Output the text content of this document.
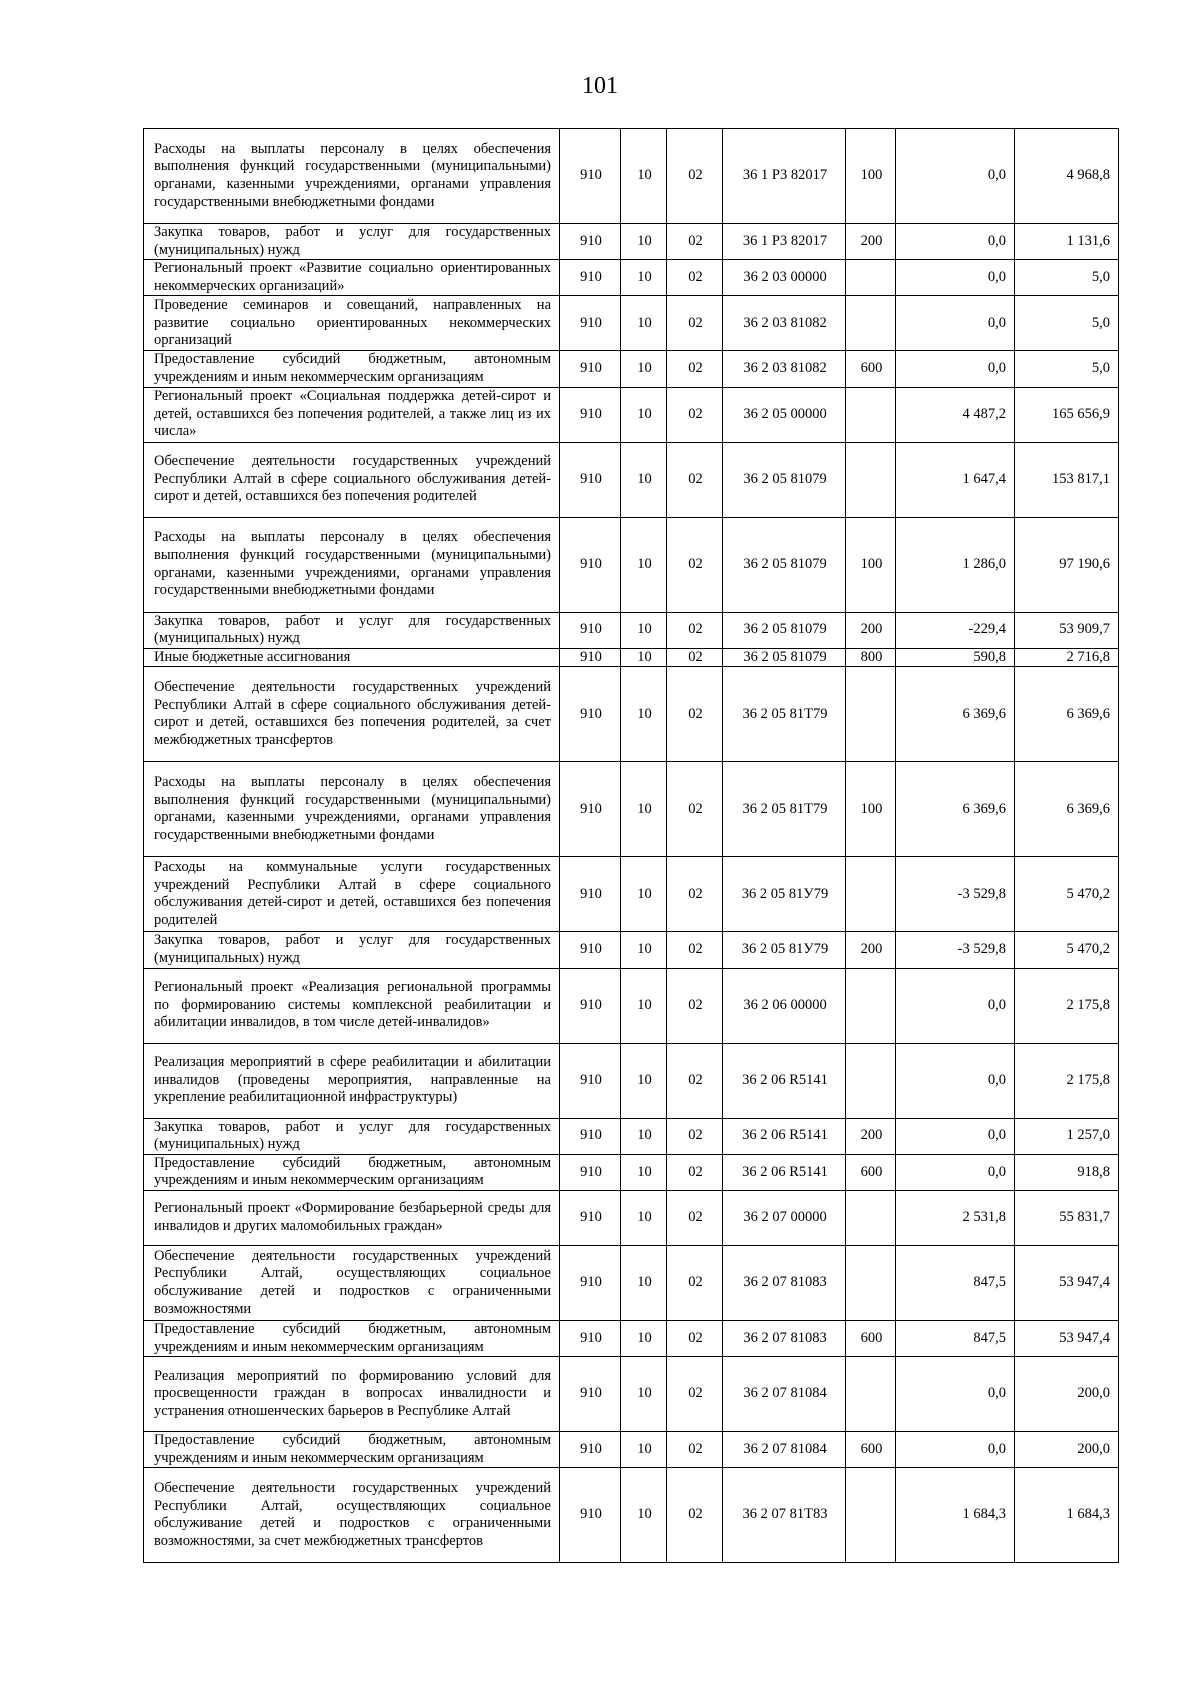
101
Расходы на выплаты персоналу в целях обеспечения выполнения функций государственными (муниципальными) органами, казенными учреждениями, органами управления государственными внебюджетными фондами	910	10	02	36 1 Р3 82017	100	0,0	4 968,8
Закупка товаров, работ и услуг для государственных (муниципальных) нужд	910	10	02	36 1 Р3 82017	200	0,0	1 131,6
Региональный проект «Развитие социально ориентированных некоммерческих организаций»	910	10	02	36 2 03 00000		0,0	5,0
Проведение семинаров и совещаний, направленных на развитие социально ориентированных некоммерческих организаций	910	10	02	36 2 03 81082		0,0	5,0
Предоставление субсидий бюджетным, автономным учреждениям и иным некоммерческим организациям	910	10	02	36 2 03 81082	600	0,0	5,0
Региональный проект «Социальная поддержка детей-сирот и детей, оставшихся без попечения родителей, а также лиц из их числа»	910	10	02	36 2 05 00000		4 487,2	165 656,9
Обеспечение деятельности государственных учреждений Республики Алтай в сфере социального обслуживания детей-сирот и детей, оставшихся без попечения родителей	910	10	02	36 2 05 81079		1 647,4	153 817,1
Расходы на выплаты персоналу в целях обеспечения выполнения функций государственными (муниципальными) органами, казенными учреждениями, органами управления государственными внебюджетными фондами	910	10	02	36 2 05 81079	100	1 286,0	97 190,6
Закупка товаров, работ и услуг для государственных (муниципальных) нужд	910	10	02	36 2 05 81079	200	-229,4	53 909,7
Иные бюджетные ассигнования	910	10	02	36 2 05 81079	800	590,8	2 716,8
Обеспечение деятельности государственных учреждений Республики Алтай в сфере социального обслуживания детей-сирот и детей, оставшихся без попечения родителей, за счет межбюджетных трансфертов	910	10	02	36 2 05 81Т79		6 369,6	6 369,6
Расходы на выплаты персоналу в целях обеспечения выполнения функций государственными (муниципальными) органами, казенными учреждениями, органами управления государственными внебюджетными фондами	910	10	02	36 2 05 81Т79	100	6 369,6	6 369,6
Расходы на коммунальные услуги государственных учреждений Республики Алтай в сфере социального обслуживания детей-сирот и детей, оставшихся без попечения родителей	910	10	02	36 2 05 81У79		-3 529,8	5 470,2
Закупка товаров, работ и услуг для государственных (муниципальных) нужд	910	10	02	36 2 05 81У79	200	-3 529,8	5 470,2
Региональный проект «Реализация региональной программы по формированию системы комплексной реабилитации и абилитации инвалидов, в том числе детей-инвалидов»	910	10	02	36 2 06 00000		0,0	2 175,8
Реализация мероприятий в сфере реабилитации и абилитации инвалидов (проведены мероприятия, направленные на укрепление реабилитационной инфраструктуры)	910	10	02	36 2 06 R5141		0,0	2 175,8
Закупка товаров, работ и услуг для государственных (муниципальных) нужд	910	10	02	36 2 06 R5141	200	0,0	1 257,0
Предоставление субсидий бюджетным, автономным учреждениям и иным некоммерческим организациям	910	10	02	36 2 06 R5141	600	0,0	918,8
Региональный проект «Формирование безбарьерной среды для инвалидов и других маломобильных граждан»	910	10	02	36 2 07 00000		2 531,8	55 831,7
Обеспечение деятельности государственных учреждений Республики Алтай, осуществляющих социальное обслуживание детей и подростков с ограниченными возможностями	910	10	02	36 2 07 81083		847,5	53 947,4
Предоставление субсидий бюджетным, автономным учреждениям и иным некоммерческим организациям	910	10	02	36 2 07 81083	600	847,5	53 947,4
Реализация мероприятий по формированию условий для просвещенности граждан в вопросах инвалидности и устранения отношенческих барьеров в Республике Алтай	910	10	02	36 2 07 81084		0,0	200,0
Предоставление субсидий бюджетным, автономным учреждениям и иным некоммерческим организациям	910	10	02	36 2 07 81084	600	0,0	200,0
Обеспечение деятельности государственных учреждений Республики Алтай, осуществляющих социальное обслуживание детей и подростков с ограниченными возможностями, за счет межбюджетных трансфертов	910	10	02	36 2 07 81Т83		1 684,3	1 684,3
